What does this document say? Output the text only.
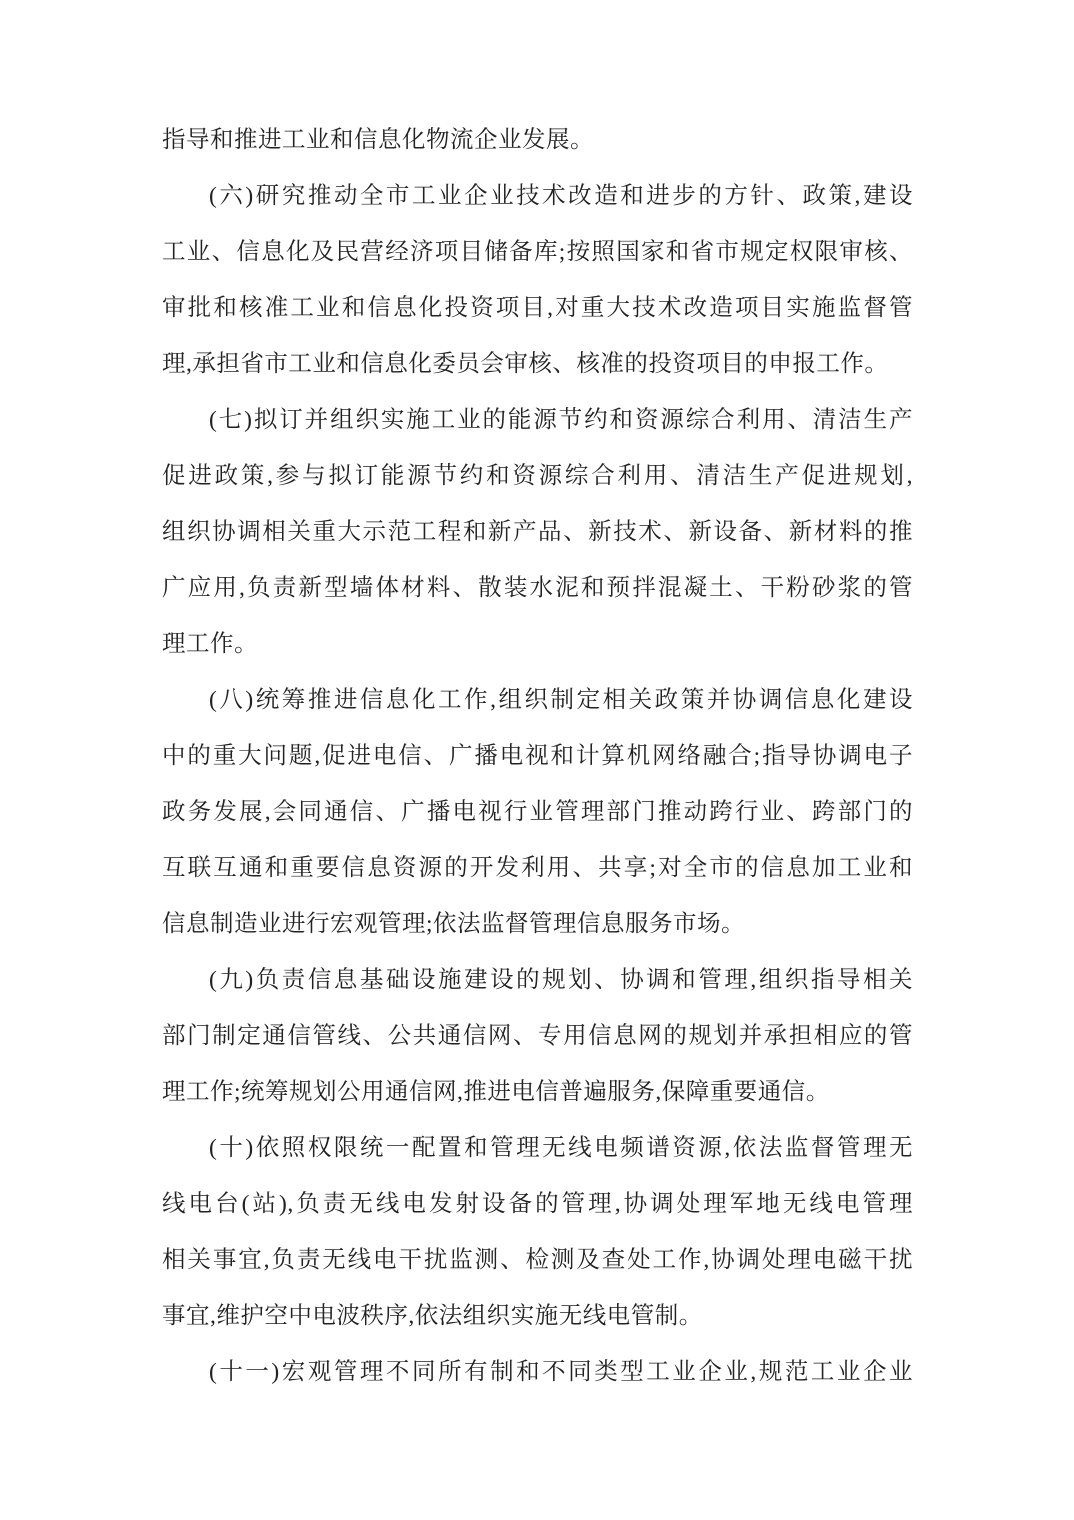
指导和推进工业和信息化物流企业发展。

(六)研究推动全市工业企业技术改造和进步的方针、政策,建设

工业、信息化及民营经济项目储备库;按照国家和省市规定权限审核、

审批和核准工业和信息化投资项目,对重大技术改造项目实施监督管

理,承担省市工业和信息化委员会审核、核准的投资项目的申报工作。

(七)拟订并组织实施工业的能源节约和资源综合利用、清洁生产

促进政策,参与拟订能源节约和资源综合利用、清洁生产促进规划,

组织协调相关重大示范工程和新产品、新技术、新设备、新材料的推

广应用,负责新型墙体材料、散装水泥和预拌混凝土、干粉砂浆的管

理工作。

(八)统筹推进信息化工作,组织制定相关政策并协调信息化建设

中的重大问题,促进电信、广播电视和计算机网络融合;指导协调电子

政务发展,会同通信、广播电视行业管理部门推动跨行业、跨部门的

互联互通和重要信息资源的开发利用、共享;对全市的信息加工业和

信息制造业进行宏观管理;依法监督管理信息服务市场。

(九)负责信息基础设施建设的规划、协调和管理,组织指导相关

部门制定通信管线、公共通信网、专用信息网的规划并承担相应的管

理工作;统筹规划公用通信网,推进电信普遍服务,保障重要通信。

(十)依照权限统一配置和管理无线电频谱资源,依法监督管理无

线电台(站),负责无线电发射设备的管理,协调处理军地无线电管理

相关事宜,负责无线电干扰监测、检测及查处工作,协调处理电磁干扰

事宜,维护空中电波秩序,依法组织实施无线电管制。

(十一)宏观管理不同所有制和不同类型工业企业,规范工业企业
